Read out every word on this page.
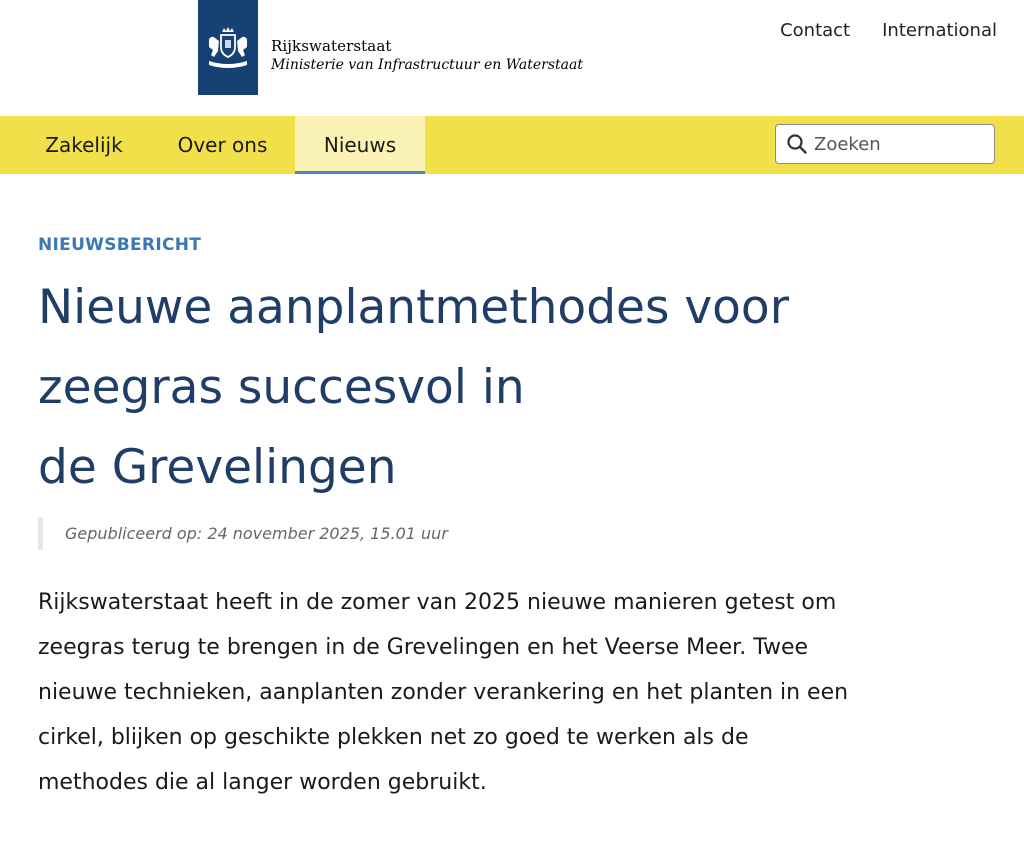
Rijkswaterstaat
Ministerie van Infrastructuur en Waterstaat
Contact International
Zakelijk	Over ons	Nieuws
Zoeken
NIEUWSBERICHT
Nieuwe aanplantmethodes voor
zeegras succesvol in
de Grevelingen
Gepubliceerd op: 24 november 2025, 15.01 uur

Rijkswaterstaat heeft in de zomer van 2025 nieuwe manieren getest om
zeegras terug te brengen in de Grevelingen en het Veerse Meer. Twee
nieuwe technieken, aanplanten zonder verankering en het planten in een
cirkel, blijken op geschikte plekken net zo goed te werken als de
methodes die al langer worden gebruikt.
